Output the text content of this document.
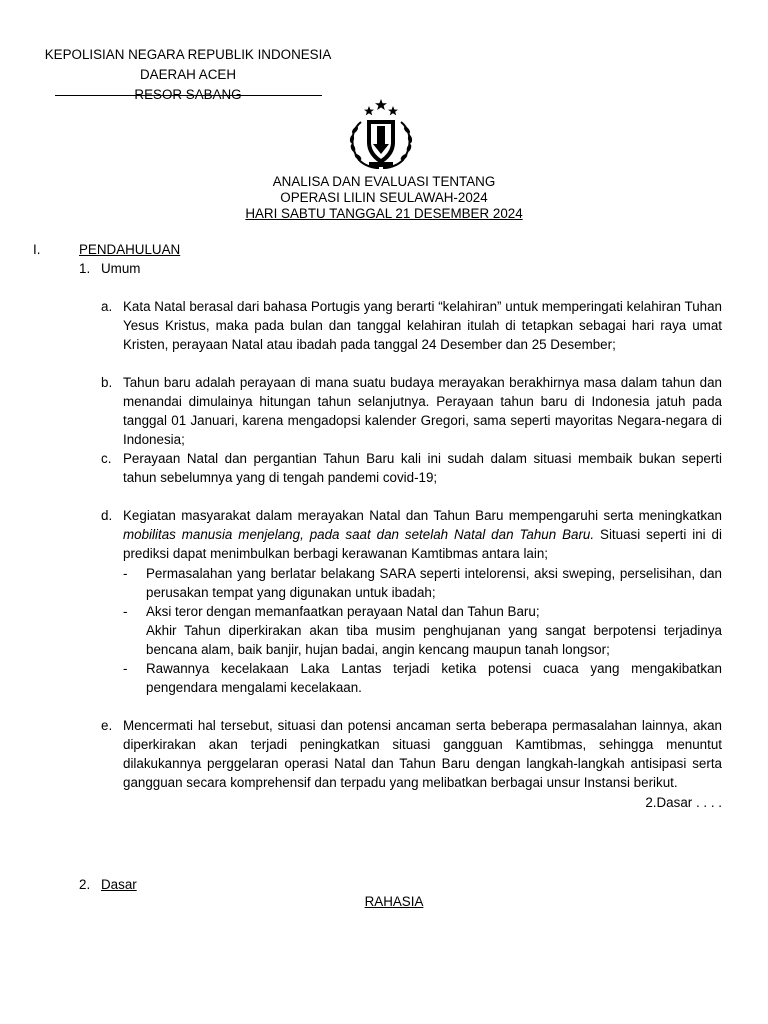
KEPOLISIAN NEGARA REPUBLIK INDONESIA
DAERAH ACEH
RESOR SABANG
ANALISA DAN EVALUASI TENTANG
OPERASI LILIN SEULAWAH-2024
HARI SABTU TANGGAL 21 DESEMBER 2024
I.	PENDAHULUAN
1. Umum
a. Kata Natal berasal dari bahasa Portugis yang berarti “kelahiran” untuk memperingati kelahiran Tuhan Yesus Kristus, maka pada bulan dan tanggal kelahiran itulah di tetapkan sebagai hari raya umat Kristen, perayaan Natal atau ibadah pada tanggal 24 Desember dan 25 Desember;
b. Tahun baru adalah perayaan di mana suatu budaya merayakan berakhirnya masa dalam tahun dan menandai dimulainya hitungan tahun selanjutnya. Perayaan tahun baru di Indonesia jatuh pada tanggal 01 Januari, karena mengadopsi kalender Gregori, sama seperti mayoritas Negara-negara di Indonesia;
c. Perayaan Natal dan pergantian Tahun Baru kali ini sudah dalam situasi membaik bukan seperti tahun sebelumnya yang di tengah pandemi covid-19;
d. Kegiatan masyarakat dalam merayakan Natal dan Tahun Baru mempengaruhi serta meningkatkan mobilitas manusia menjelang, pada saat dan setelah Natal dan Tahun Baru. Situasi seperti ini di prediksi dapat menimbulkan berbagi kerawanan Kamtibmas antara lain;
- Permasalahan yang berlatar belakang SARA seperti intelorensi, aksi sweping, perselisihan, dan perusakan tempat yang digunakan untuk ibadah;
- Aksi teror dengan memanfaatkan perayaan Natal dan Tahun Baru;
Akhir Tahun diperkirakan akan tiba musim penghujanan yang sangat berpotensi terjadinya bencana alam, baik banjir, hujan badai, angin kencang maupun tanah longsor;
- Rawannya kecelakaan Laka Lantas terjadi ketika potensi cuaca yang mengakibatkan pengendara mengalami kecelakaan.
e. Mencermati hal tersebut, situasi dan potensi ancaman serta beberapa permasalahan lainnya, akan diperkirakan akan terjadi peningkatkan situasi gangguan Kamtibmas, sehingga menuntut dilakukannya perggelaran operasi Natal dan Tahun Baru dengan langkah-langkah antisipasi serta gangguan secara komprehensif dan terpadu yang melibatkan berbagai unsur Instansi berikut.
2.Dasar . . . .
2. Dasar
RAHASIA
